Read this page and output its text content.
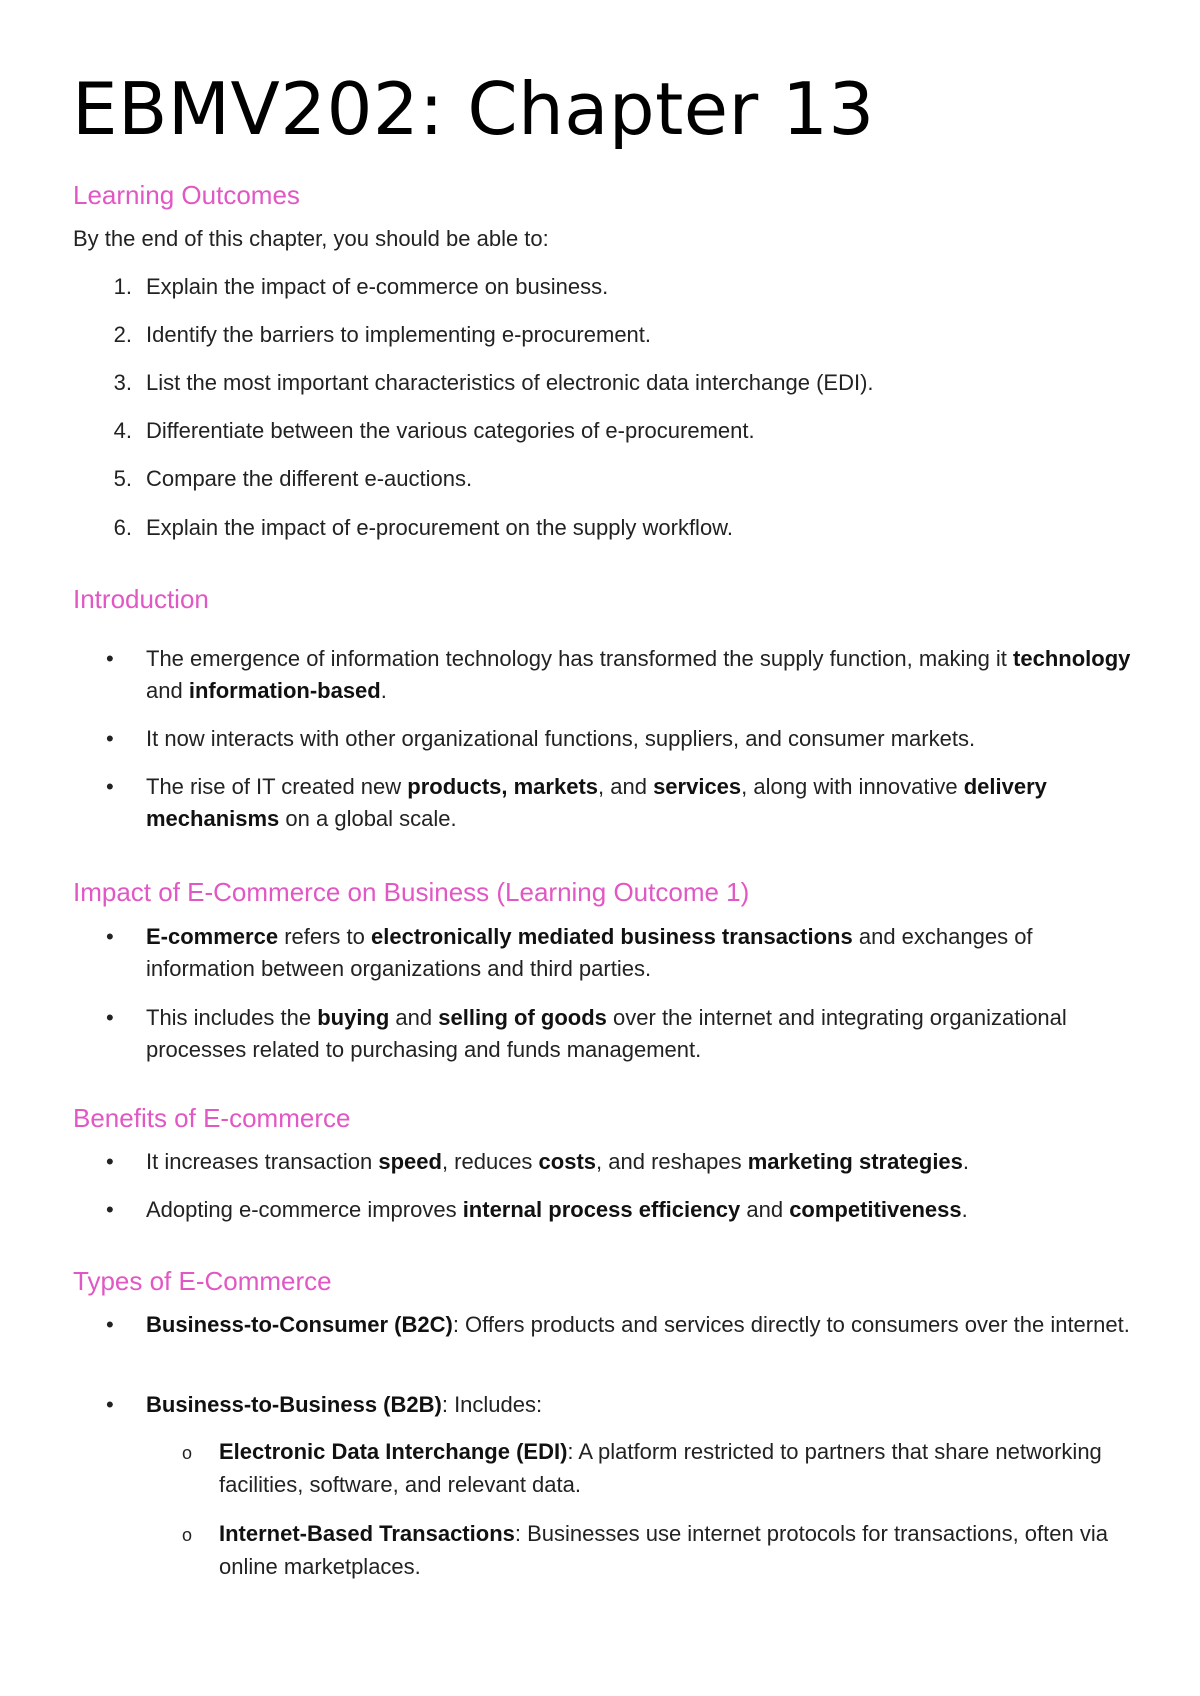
EBMV202: Chapter 13
Learning Outcomes

By the end of this chapter, you should be able to:

1. Explain the impact of e-commerce on business.
2. Identify the barriers to implementing e-procurement.
3. List the most important characteristics of electronic data interchange (EDI).
4. Differentiate between the various categories of e-procurement.
5. Compare the different e-auctions.
6. Explain the impact of e-procurement on the supply workflow.
Introduction
• The emergence of information technology has transformed the supply function, making it technology and information-based.
• It now interacts with other organizational functions, suppliers, and consumer markets.
• The rise of IT created new products, markets, and services, along with innovative delivery mechanisms on a global scale.
Impact of E-Commerce on Business (Learning Outcome 1)
• E-commerce refers to electronically mediated business transactions and exchanges of information between organizations and third parties.
• This includes the buying and selling of goods over the internet and integrating organizational processes related to purchasing and funds management.
Benefits of E-commerce
• It increases transaction speed, reduces costs, and reshapes marketing strategies.
• Adopting e-commerce improves internal process efficiency and competitiveness.
Types of E-Commerce
• Business-to-Consumer (B2C): Offers products and services directly to consumers over the internet.
• Business-to-Business (B2B): Includes:
o Electronic Data Interchange (EDI): A platform restricted to partners that share networking facilities, software, and relevant data.
o Internet-Based Transactions: Businesses use internet protocols for transactions, often via online marketplaces.
